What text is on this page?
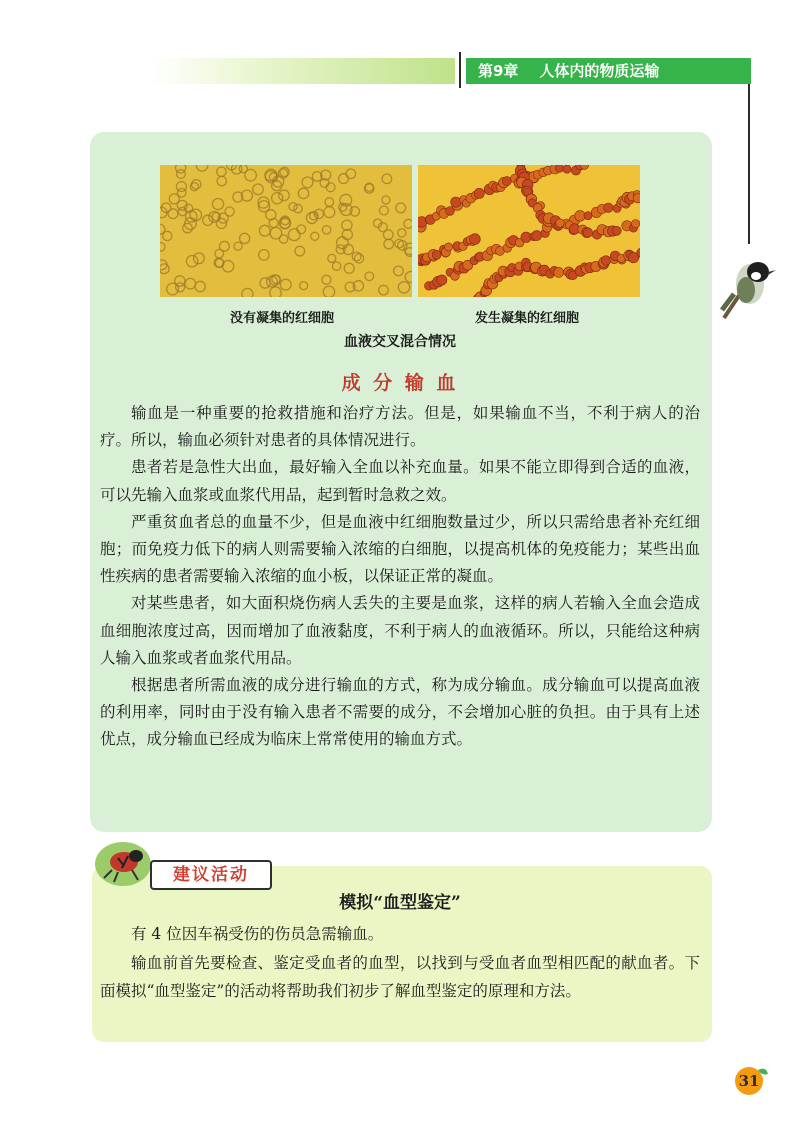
第9章    人体内的物质运输
没有凝集的红细胞	发生凝集的红细胞
血液交叉混合情况
成 分 输 血

输血是一种重要的抢救措施和治疗方法。但是，如果输血不当，不利于病人的治疗。所以，输血必须针对患者的具体情况进行。

患者若是急性大出血，最好输入全血以补充血量。如果不能立即得到合适的血液，可以先输入血浆或血浆代用品，起到暂时急救之效。

严重贫血者总的血量不少，但是血液中红细胞数量过少，所以只需给患者补充红细胞；而免疫力低下的病人则需要输入浓缩的白细胞，以提高机体的免疫能力；某些出血性疾病的患者需要输入浓缩的血小板，以保证正常的凝血。

对某些患者，如大面积烧伤病人丢失的主要是血浆，这样的病人若输入全血会造成血细胞浓度过高，因而增加了血液黏度，不利于病人的血液循环。所以，只能给这种病人输入血浆或者血浆代用品。

根据患者所需血液的成分进行输血的方式，称为成分输血。成分输血可以提高血液的利用率，同时由于没有输入患者不需要的成分，不会增加心脏的负担。由于具有上述优点，成分输血已经成为临床上常常使用的输血方式。

建议活动
模拟“血型鉴定”

有 4 位因车祸受伤的伤员急需输血。

输血前首先要检查、鉴定受血者的血型，以找到与受血者血型相匹配的献血者。下面模拟“血型鉴定”的活动将帮助我们初步了解血型鉴定的原理和方法。

31
